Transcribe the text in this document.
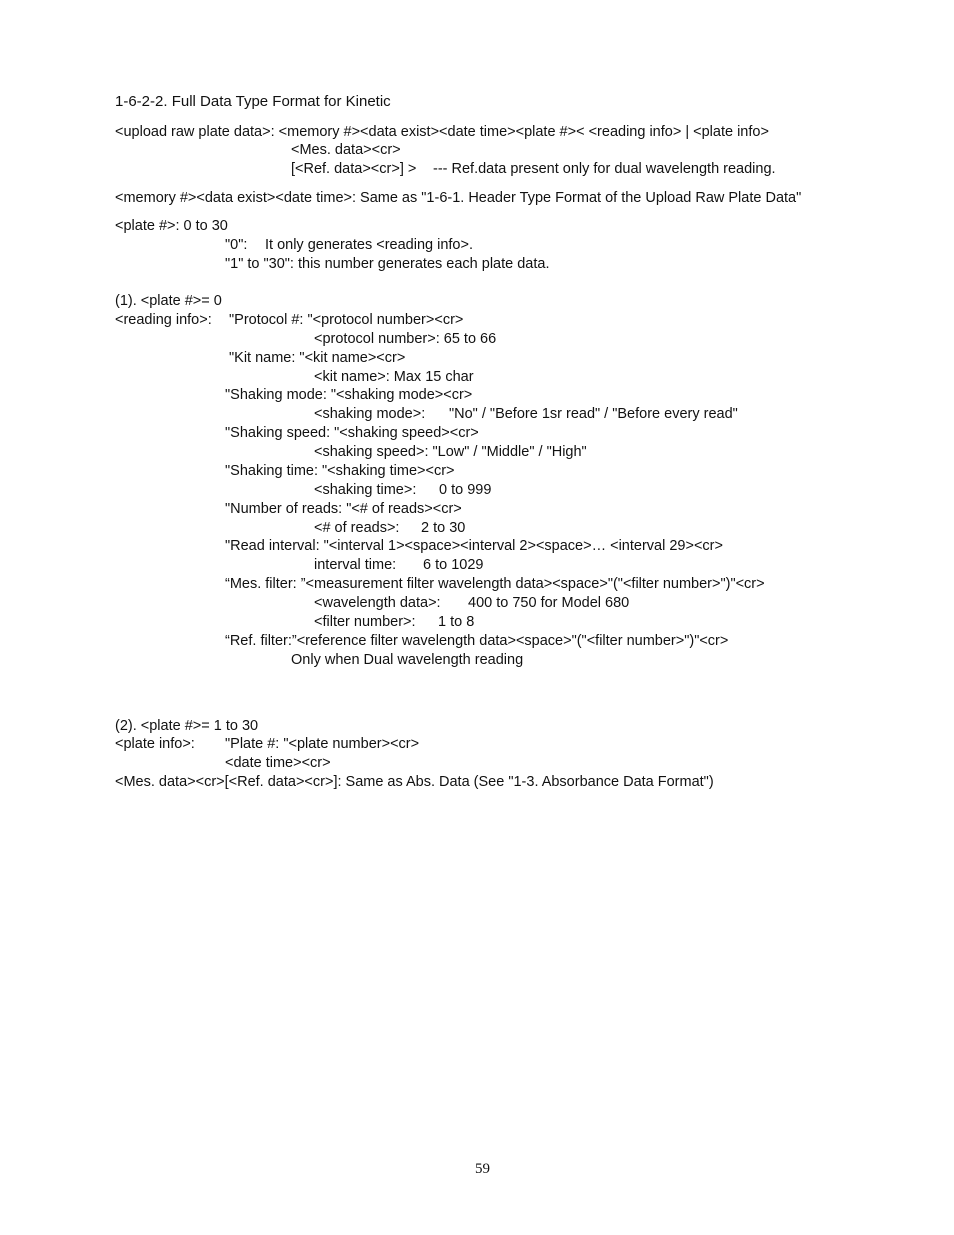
1-6-2-2. Full Data Type Format for Kinetic
<upload raw plate data>: <memory #><data exist><date time><plate #>< <reading info> | <plate info>
<Mes. data><cr>
[<Ref. data><cr>] > --- Ref.data present only for dual wavelength reading.
<memory #><data exist><date time>: Same as "1-6-1. Header Type Format of the Upload Raw Plate Data"
<plate #>: 0 to 30
"0": It only generates <reading info>.
"1" to "30": this number generates each plate data.
(1). <plate #>= 0
<reading info>: "Protocol #: "<protocol number><cr>
<protocol number>: 65 to 66
"Kit name: "<kit name><cr>
<kit name>: Max 15 char
"Shaking mode: "<shaking mode><cr>
<shaking mode>: "No" / "Before 1sr read" / "Before every read"
"Shaking speed: "<shaking speed><cr>
<shaking speed>: "Low" / "Middle" / "High"
"Shaking time: "<shaking time><cr>
<shaking time>: 0 to 999
"Number of reads: "<# of reads><cr>
<# of reads>: 2 to 30
"Read interval: "<interval 1><space><interval 2><space>… <interval 29><cr>
interval time: 6 to 1029
“Mes. filter: ”<measurement filter wavelength data><space>"("<filter number>")"<cr>
<wavelength data>: 400 to 750 for Model 680
<filter number>: 1 to 8
“Ref. filter:”<reference filter wavelength data><space>"("<filter number>")"<cr>
Only when Dual wavelength reading
(2). <plate #>= 1 to 30
<plate info>: "Plate #: "<plate number><cr>
<date time><cr>
<Mes. data><cr>[<Ref. data><cr>]: Same as Abs. Data (See "1-3. Absorbance Data Format")
59
